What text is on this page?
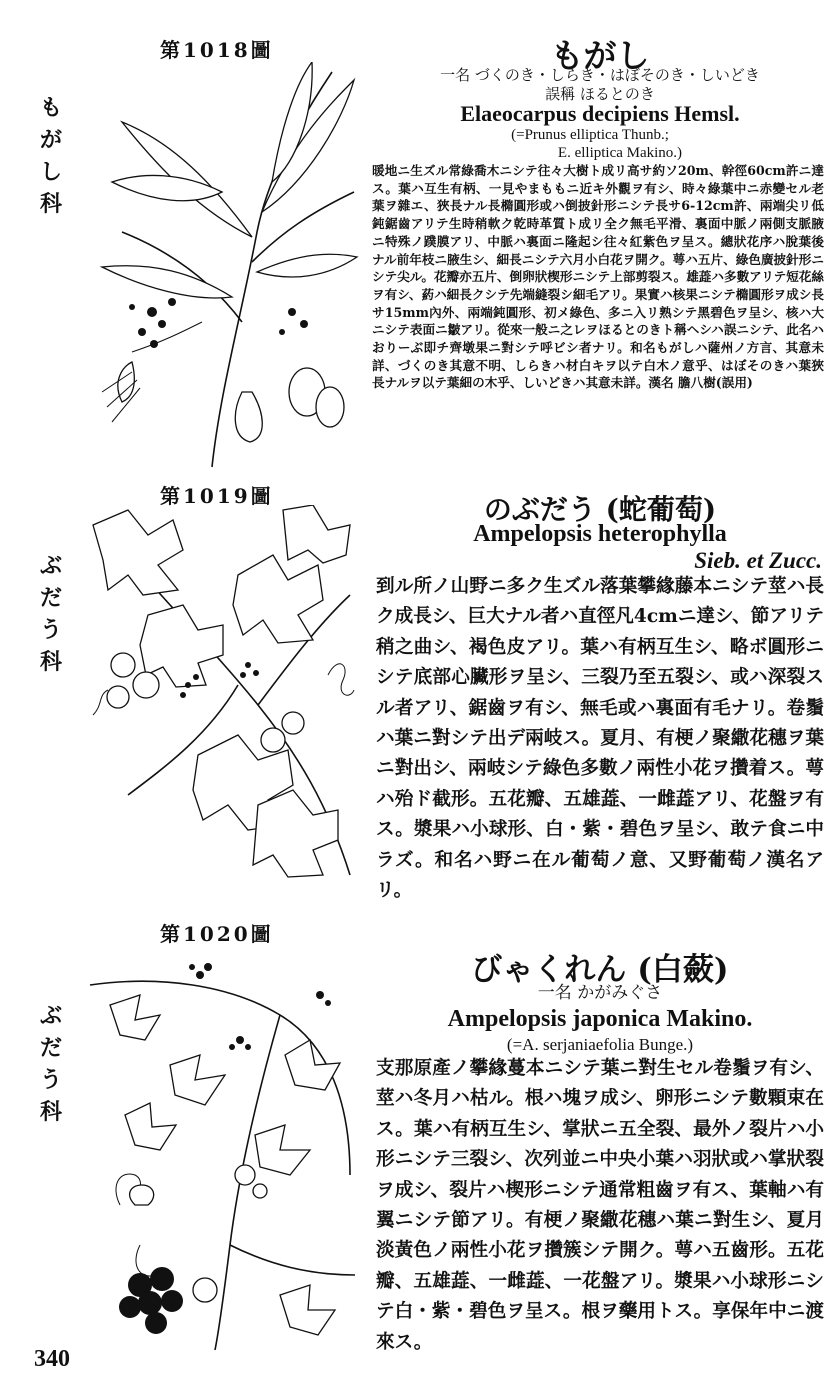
第1018圖
もがし科
もがし
一名 づくのき・しらき・はぼそのき・しいどき
誤稱 ほるとのき
Elaeocarpus decipiens Hemsl.
(=Prunus elliptica Thunb.;
E. elliptica Makino.)
暖地ニ生ズル常綠喬木ニシテ往々大樹ト成リ高サ約ソ20m、幹徑60cm許ニ達ス。葉ハ互生有柄、一見やまももニ近キ外觀ヲ有シ、時々綠葉中ニ赤變セル老葉ヲ雜エ、狹長ナル長橢圓形或ハ倒披針形ニシテ長サ6-12cm許、兩端尖リ低鈍鋸齒アリテ生時稍軟ク乾時革質ト成リ全ク無毛平滑、裏面中脈ノ兩側支脈腋ニ特殊ノ蹼膜アリ、中脈ハ裏面ニ隆起シ往々紅紫色ヲ呈ス。總狀花序ハ脫葉後ナル前年枝ニ腋生シ、細長ニシテ六月小白花ヲ開ク。萼ハ五片、綠色廣披針形ニシテ尖ル。花瓣亦五片、倒卵狀楔形ニシテ上部剪裂ス。雄蕋ハ多數アリテ短花絲ヲ有シ、葯ハ細長クシテ先端縫裂シ細毛アリ。果實ハ核果ニシテ橢圓形ヲ成シ長サ15mm內外、兩端鈍圓形、初メ綠色、多ニ入リ熟シテ黑碧色ヲ呈シ、核ハ大ニシテ表面ニ皺アリ。從來一般ニ之レヲほるとのきト稱ヘシハ誤ニシテ、此名ハおりーぶ即チ齊墩果ニ對シテ呼ビシ者ナリ。和名もがしハ薩州ノ方言、其意未詳、づくのき其意不明、しらきハ材白キヲ以テ白木ノ意乎、はぼそのきハ葉狹長ナルヲ以テ葉細の木乎、しいどきハ其意未詳。漢名 膽八樹(誤用)
第1019圖
ぶだう科
のぶだう (蛇葡萄)
Ampelopsis heterophylla
Sieb. et Zucc.
到ル所ノ山野ニ多ク生ズル落葉攀緣藤本ニシテ莖ハ長ク成長シ、巨大ナル者ハ直徑凡4cmニ達シ、節アリテ稍之曲シ、褐色皮アリ。葉ハ有柄互生シ、略ボ圓形ニシテ底部心臟形ヲ呈シ、三裂乃至五裂シ、或ハ深裂スル者アリ、鋸齒ヲ有シ、無毛或ハ裏面有毛ナリ。卷鬚ハ葉ニ對シテ出デ兩岐ス。夏月、有梗ノ聚繖花穗ヲ葉ニ對出シ、兩岐シテ綠色多數ノ兩性小花ヲ攢着ス。萼ハ殆ド截形。五花瓣、五雄蕋、一雌蕋アリ、花盤ヲ有ス。漿果ハ小球形、白・紫・碧色ヲ呈シ、敢テ食ニ中ラズ。和名ハ野ニ在ル葡萄ノ意、又野葡萄ノ漢名アリ。
第1020圖
ぶだう科
びゃくれん (白蘞)
一名 かがみぐさ
Ampelopsis japonica Makino.
(=A. serjaniaefolia Bunge.)
支那原產ノ攀緣蔓本ニシテ葉ニ對生セル卷鬚ヲ有シ、莖ハ冬月ハ枯ル。根ハ塊ヲ成シ、卵形ニシテ數顆束在ス。葉ハ有柄互生シ、掌狀ニ五全裂、最外ノ裂片ハ小形ニシテ三裂シ、次列並ニ中央小葉ハ羽狀或ハ掌狀裂ヲ成シ、裂片ハ楔形ニシテ通常粗齒ヲ有ス、葉軸ハ有翼ニシテ節アリ。有梗ノ聚繖花穗ハ葉ニ對生シ、夏月淡黃色ノ兩性小花ヲ攢簇シテ開ク。萼ハ五齒形。五花瓣、五雄蕋、一雌蕋、一花盤アリ。漿果ハ小球形ニシテ白・紫・碧色ヲ呈ス。根ヲ藥用トス。享保年中ニ渡來ス。
340
